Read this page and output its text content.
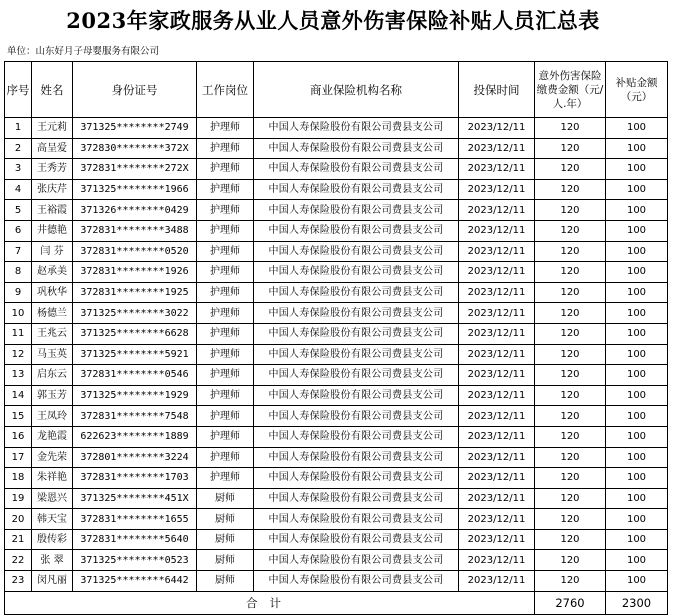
2023年家政服务从业人员意外伤害保险补贴人员汇总表
单位：山东好月子母婴服务有限公司
序号	姓名	身份证号	工作岗位	商业保险机构名称	投保时间	意外伤害保险缴费金额（元/人.年）	补贴金额（元）
1	王元莉	371325********2749	护理师	中国人寿保险股份有限公司费县支公司	2023/12/11	120	100
2	高呈爱	372830********372X	护理师	中国人寿保险股份有限公司费县支公司	2023/12/11	120	100
3	王秀芳	372831********272X	护理师	中国人寿保险股份有限公司费县支公司	2023/12/11	120	100
4	张庆芹	371325********1966	护理师	中国人寿保险股份有限公司费县支公司	2023/12/11	120	100
5	王裕霞	371326********0429	护理师	中国人寿保险股份有限公司费县支公司	2023/12/11	120	100
6	井德艳	372831********3488	护理师	中国人寿保险股份有限公司费县支公司	2023/12/11	120	100
7	闫 芬	372831********0520	护理师	中国人寿保险股份有限公司费县支公司	2023/12/11	120	100
8	赵承美	372831********1926	护理师	中国人寿保险股份有限公司费县支公司	2023/12/11	120	100
9	巩秋华	372831********1925	护理师	中国人寿保险股份有限公司费县支公司	2023/12/11	120	100
10	杨德兰	371325********3022	护理师	中国人寿保险股份有限公司费县支公司	2023/12/11	120	100
11	王兆云	371325********6628	护理师	中国人寿保险股份有限公司费县支公司	2023/12/11	120	100
12	马玉英	371325********5921	护理师	中国人寿保险股份有限公司费县支公司	2023/12/11	120	100
13	启东云	372831********0546	护理师	中国人寿保险股份有限公司费县支公司	2023/12/11	120	100
14	郭玉芳	371325********1929	护理师	中国人寿保险股份有限公司费县支公司	2023/12/11	120	100
15	王凤玲	372831********7548	护理师	中国人寿保险股份有限公司费县支公司	2023/12/11	120	100
16	龙艳霞	622623********1889	护理师	中国人寿保险股份有限公司费县支公司	2023/12/11	120	100
17	金先荣	372801********3224	护理师	中国人寿保险股份有限公司费县支公司	2023/12/11	120	100
18	朱祥艳	372831********1703	护理师	中国人寿保险股份有限公司费县支公司	2023/12/11	120	100
19	梁恩兴	371325********451X	厨师	中国人寿保险股份有限公司费县支公司	2023/12/11	120	100
20	韩天宝	372831********1655	厨师	中国人寿保险股份有限公司费县支公司	2023/12/11	120	100
21	殷传彩	372831********5640	厨师	中国人寿保险股份有限公司费县支公司	2023/12/11	120	100
22	张 翠	371325********0523	厨师	中国人寿保险股份有限公司费县支公司	2023/12/11	120	100
23	闵凡丽	371325********6442	厨师	中国人寿保险股份有限公司费县支公司	2023/12/11	120	100
合计						2760	2300
